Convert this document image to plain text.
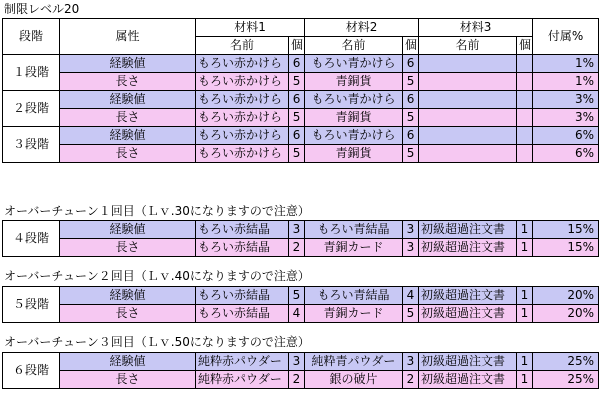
制限レベル20
段階	属性	材料1		材料2		材料3		付属%
		名前	個	名前	個	名前	個	
１段階	経験値	もろい赤かけら	6	もろい青かけら	6			1%
	長さ	もろい赤かけら	5	青銅貨	5			1%
２段階	経験値	もろい赤かけら	6	もろい青かけら	6			3%
	長さ	もろい赤かけら	5	青銅貨	5			3%
３段階	経験値	もろい赤かけら	6	もろい青かけら	6			6%
	長さ	もろい赤かけら	5	青銅貨	5			6%
オーバーチューン１回目（Ｌｖ.30になりますので注意）
４段階	経験値	もろい赤結晶	3	もろい青結晶	3	初級超過注文書	1	15%
	長さ	もろい赤結晶	2	青銅カード	3	初級超過注文書	1	15%
オーバーチューン２回目（Ｌｖ.40になりますので注意）
５段階	経験値	もろい赤結晶	5	もろい青結晶	4	初級超過注文書	1	20%
	長さ	もろい赤結晶	4	青銅カード	5	初級超過注文書	1	20%
オーバーチューン３回目（Ｌｖ.50になりますので注意）
６段階	経験値	純粋赤パウダー	3	純粋青パウダー	3	初級超過注文書	1	25%
	長さ	純粋赤パウダー	2	銀の破片	2	初級超過注文書	1	25%
